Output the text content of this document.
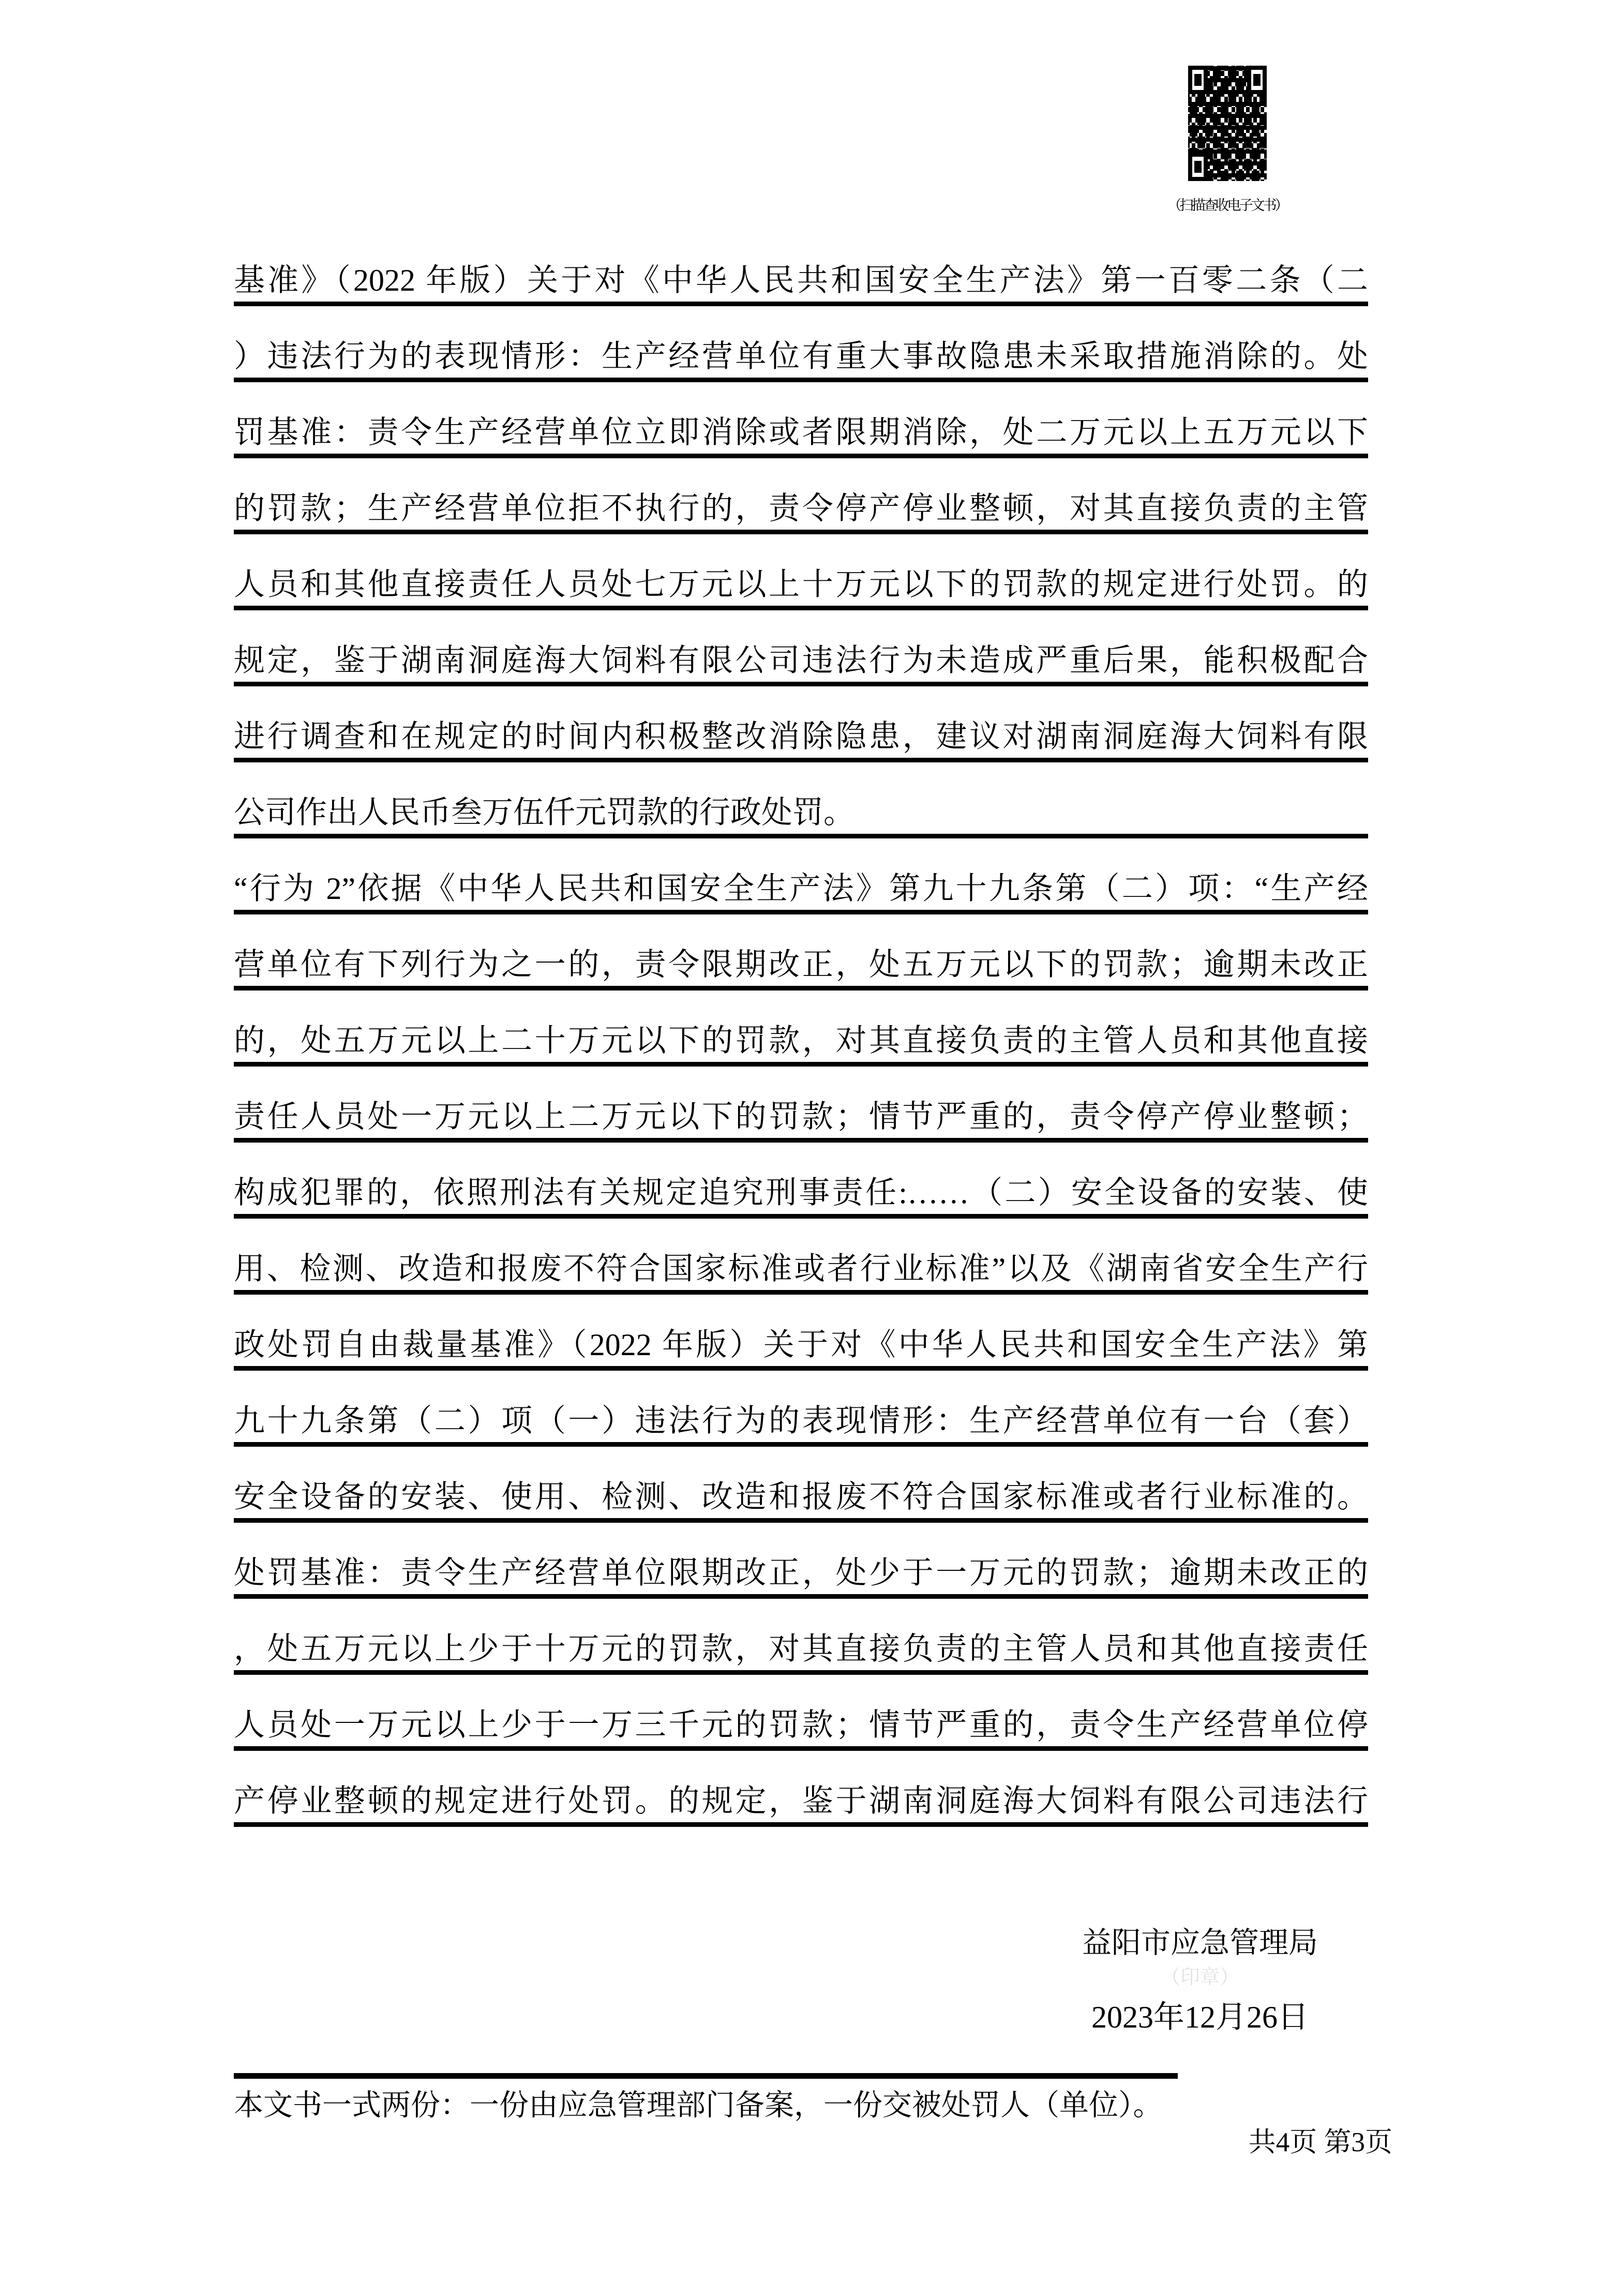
（扫描查收电子文书）
基准》（2022 年版）关于对《中华人民共和国安全生产法》第一百零二条（二
）违法行为的表现情形：生产经营单位有重大事故隐患未采取措施消除的。处
罚基准：责令生产经营单位立即消除或者限期消除，处二万元以上五万元以下
的罚款；生产经营单位拒不执行的，责令停产停业整顿，对其直接负责的主管
人员和其他直接责任人员处七万元以上十万元以下的罚款的规定进行处罚。的
规定，鉴于湖南洞庭海大饲料有限公司违法行为未造成严重后果，能积极配合
进行调查和在规定的时间内积极整改消除隐患，建议对湖南洞庭海大饲料有限
公司作出人民币叁万伍仟元罚款的行政处罚。
“行为 2”依据《中华人民共和国安全生产法》第九十九条第（二）项：“生产经
营单位有下列行为之一的，责令限期改正，处五万元以下的罚款；逾期未改正
的，处五万元以上二十万元以下的罚款，对其直接负责的主管人员和其他直接
责任人员处一万元以上二万元以下的罚款；情节严重的，责令停产停业整顿；
构成犯罪的，依照刑法有关规定追究刑事责任:……（二）安全设备的安装、使
用、检测、改造和报废不符合国家标准或者行业标准”以及《湖南省安全生产行
政处罚自由裁量基准》（2022 年版）关于对《中华人民共和国安全生产法》第
九十九条第（二）项（一）违法行为的表现情形：生产经营单位有一台（套）
安全设备的安装、使用、检测、改造和报废不符合国家标准或者行业标准的。
处罚基准：责令生产经营单位限期改正，处少于一万元的罚款；逾期未改正的
，处五万元以上少于十万元的罚款，对其直接负责的主管人员和其他直接责任
人员处一万元以上少于一万三千元的罚款；情节严重的，责令生产经营单位停
产停业整顿的规定进行处罚。的规定，鉴于湖南洞庭海大饲料有限公司违法行
益阳市应急管理局
（印章）
2023年12月26日
本文书一式两份：一份由应急管理部门备案，一份交被处罚人（单位）。
共4页 第3页
